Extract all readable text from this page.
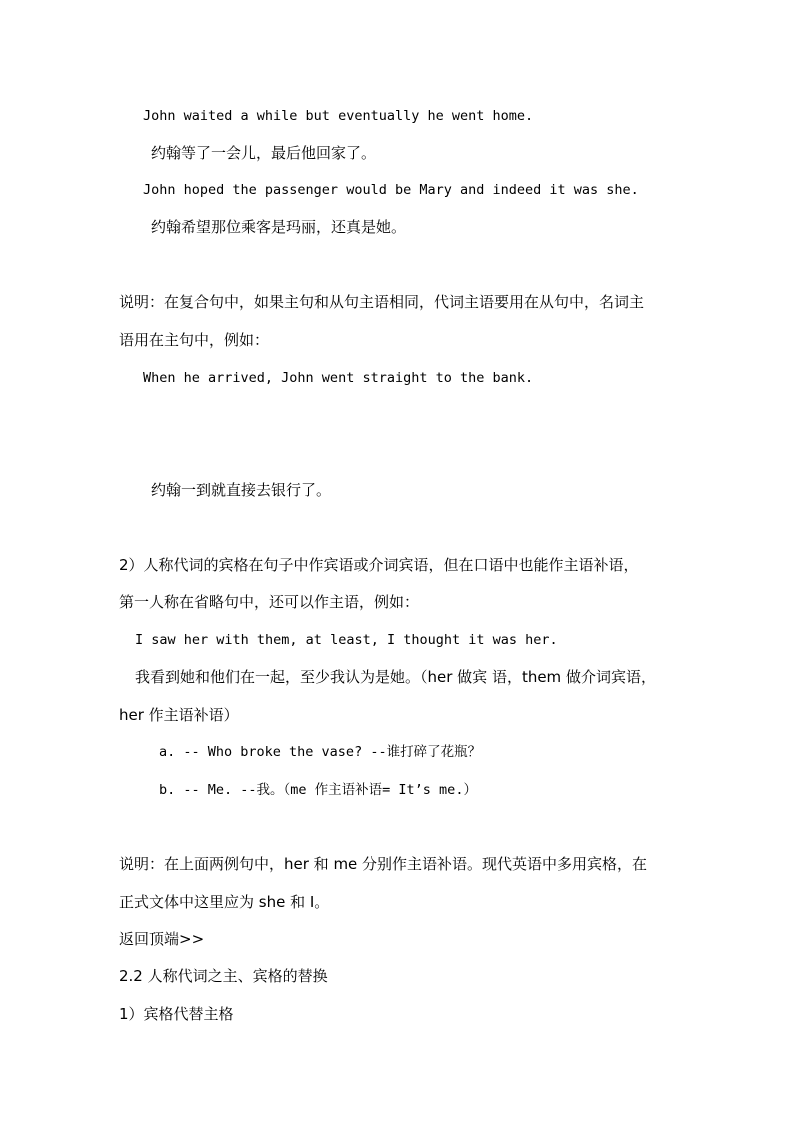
John waited a while but eventually he went home.
约翰等了一会儿，最后他回家了。
John hoped the passenger would be Mary and indeed it was she.
约翰希望那位乘客是玛丽，还真是她。
说明：在复合句中，如果主句和从句主语相同，代词主语要用在从句中，名词主
语用在主句中，例如：
When he arrived, John went straight to the bank.
约翰一到就直接去银行了。
2）人称代词的宾格在句子中作宾语或介词宾语，但在口语中也能作主语补语，
第一人称在省略句中，还可以作主语，例如：
I saw her with them, at least, I thought it was her.
我看到她和他们在一起，至少我认为是她。（her 做宾 语，them 做介词宾语，
her 作主语补语）
a. -- Who broke the vase? --谁打碎了花瓶？
b. -- Me. --我。（me 作主语补语= It’s me.）
说明：在上面两例句中，her 和 me 分别作主语补语。现代英语中多用宾格，在
正式文体中这里应为 she 和 I。
返回顶端>>
2.2 人称代词之主、宾格的替换
1）宾格代替主格
